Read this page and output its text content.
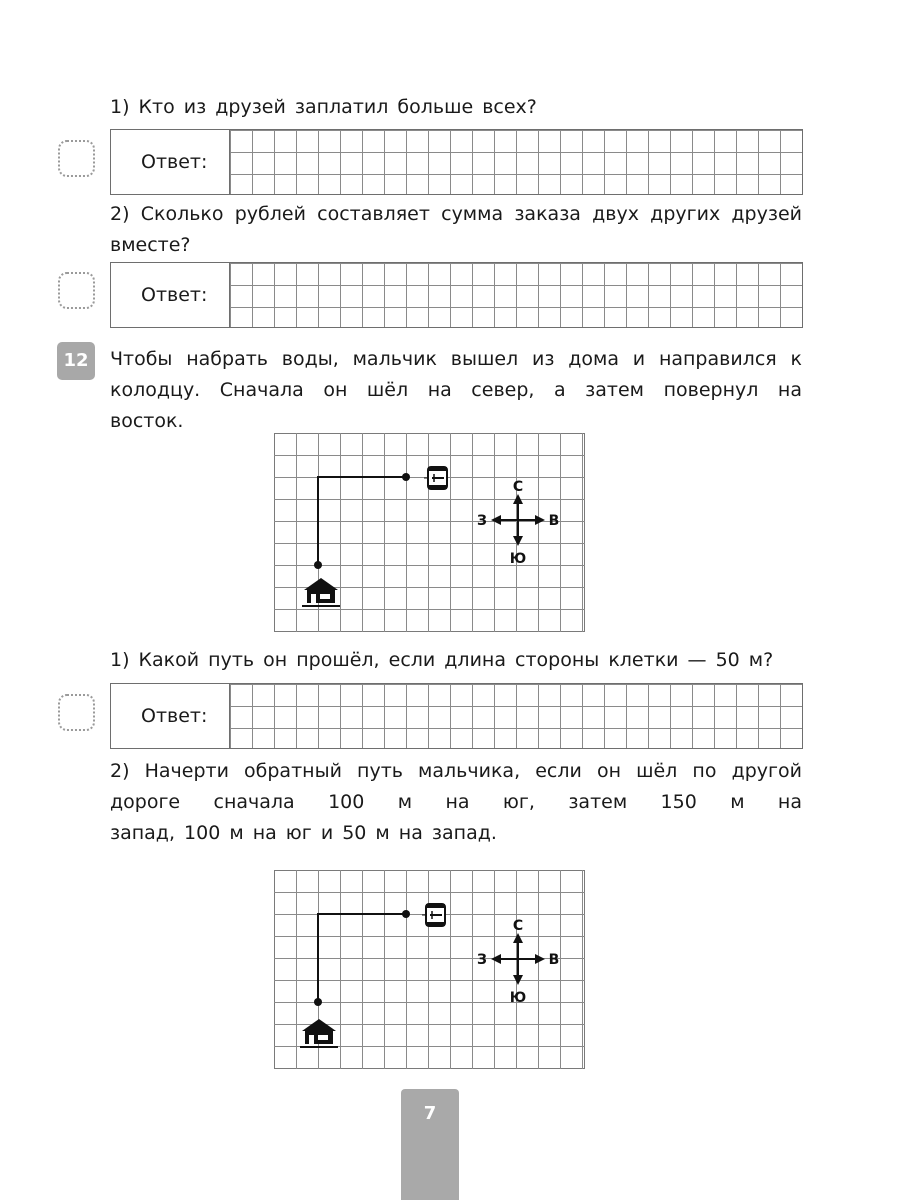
1) Кто из друзей заплатил больше всех?
Ответ:
2) Сколько рублей составляет сумма заказа двух других друзей
вместе?
Ответ:
12	Чтобы набрать воды, мальчик вышел из дома и направился к колодцу. Сначала он шёл на север, а затем повернул на
восток.
С
Ю
З	В
1) Какой путь он прошёл, если длина стороны клетки — 50 м?
Ответ:
2) Начерти обратный путь мальчика, если он шёл по другой дороге сначала 100 м на юг, затем 150 м на
запад, 100 м на юг и 50 м на запад.
С
Ю
З	В
7
